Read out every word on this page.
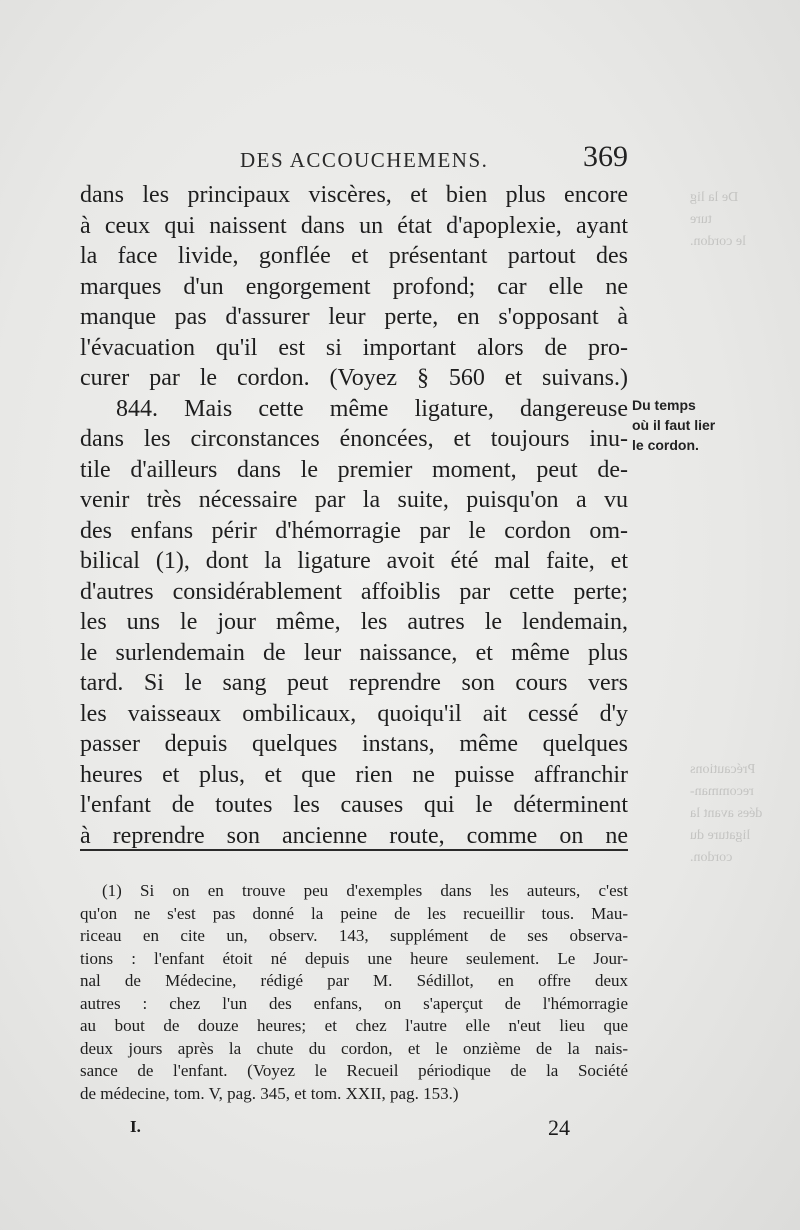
De la lig
ture
le cordon.
Précautions
recomman-
dées avant la
ligature du
cordon.
DES ACCOUCHEMENS.	369
dans les principaux viscères, et bien plus encore
à ceux qui naissent dans un état d'apoplexie, ayant
la face livide, gonflée et présentant partout des
marques d'un engorgement profond; car elle ne
manque pas d'assurer leur perte, en s'opposant à
l'évacuation qu'il est si important alors de pro-
curer par le cordon. (Voyez § 560 et suivans.)
844. Mais cette même ligature, dangereuse
dans les circonstances énoncées, et toujours inu-
tile d'ailleurs dans le premier moment, peut de-
venir très nécessaire par la suite, puisqu'on a vu
des enfans périr d'hémorragie par le cordon om-
bilical (1), dont la ligature avoit été mal faite, et
d'autres considérablement affoiblis par cette perte;
les uns le jour même, les autres le lendemain,
le surlendemain de leur naissance, et même plus
tard. Si le sang peut reprendre son cours vers
les vaisseaux ombilicaux, quoiqu'il ait cessé d'y
passer depuis quelques instans, même quelques
heures et plus, et que rien ne puisse affranchir
l'enfant de toutes les causes qui le déterminent
à reprendre son ancienne route, comme on ne
Du temps
où il faut lier
le cordon.
(1) Si on en trouve peu d'exemples dans les auteurs, c'est
qu'on ne s'est pas donné la peine de les recueillir tous. Mau-
riceau en cite un, observ. 143, supplément de ses observa-
tions : l'enfant étoit né depuis une heure seulement. Le Jour-
nal de Médecine, rédigé par M. Sédillot, en offre deux
autres : chez l'un des enfans, on s'aperçut de l'hémorragie
au bout de douze heures; et chez l'autre elle n'eut lieu que
deux jours après la chute du cordon, et le onzième de la nais-
sance de l'enfant. (Voyez le Recueil périodique de la Société
de médecine, tom. V, pag. 345, et tom. XXII, pag. 153.)
I.	24
